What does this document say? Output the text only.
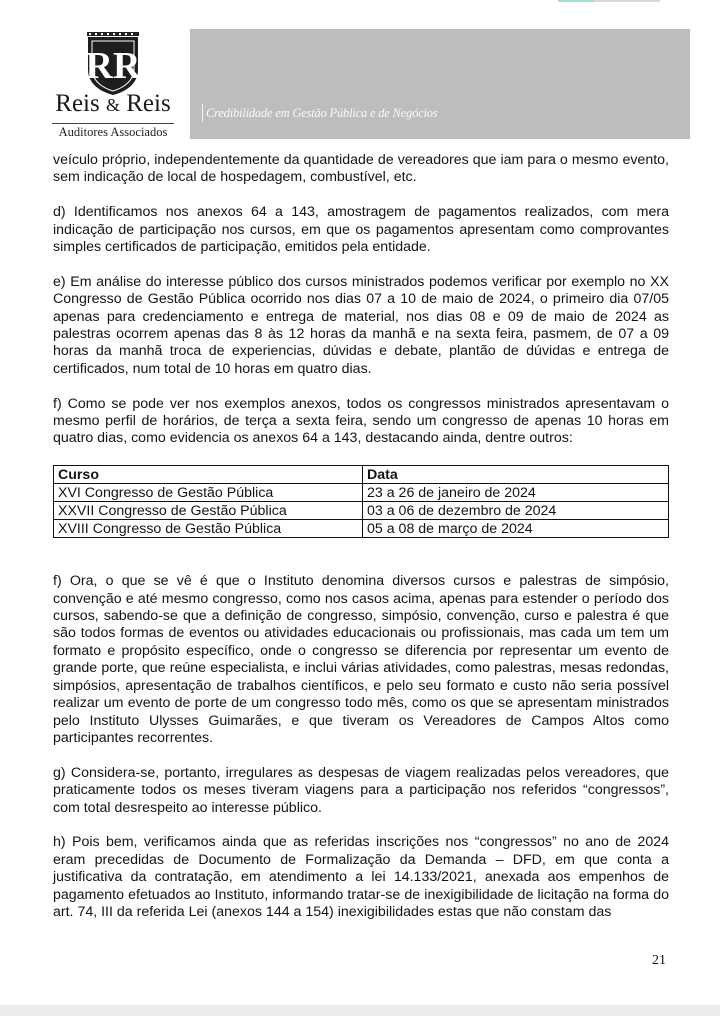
RR
Reis & Reis
Auditores Associados
Credibilidade em Gestão Pública e de Negócios

veículo próprio, independentemente da quantidade de vereadores que iam para o mesmo evento, sem indicação de local de hospedagem, combustível, etc.

d) Identificamos nos anexos 64 a 143, amostragem de pagamentos realizados, com mera indicação de participação nos cursos, em que os pagamentos apresentam como comprovantes simples certificados de participação, emitidos pela entidade.

e) Em análise do interesse público dos cursos ministrados podemos verificar por exemplo no XX Congresso de Gestão Pública ocorrido nos dias 07 a 10 de maio de 2024, o primeiro dia 07/05 apenas para credenciamento e entrega de material, nos dias 08 e 09 de maio de 2024 as palestras ocorrem apenas das 8 às 12 horas da manhã e na sexta feira, pasmem, de 07 a 09 horas da manhã troca de experiencias, dúvidas e debate, plantão de dúvidas e entrega de certificados, num total de 10 horas em quatro dias.

f) Como se pode ver nos exemplos anexos, todos os congressos ministrados apresentavam o mesmo perfil de horários, de terça a sexta feira, sendo um congresso de apenas 10 horas em quatro dias, como evidencia os anexos 64 a 143, destacando ainda, dentre outros:

Curso	Data
XVI Congresso de Gestão Pública	23 a 26 de janeiro de 2024
XXVII Congresso de Gestão Pública	03 a 06 de dezembro de 2024
XVIII Congresso de Gestão Pública	05 a 08 de março de 2024

f) Ora, o que se vê é que o Instituto denomina diversos cursos e palestras de simpósio, convenção e até mesmo congresso, como nos casos acima, apenas para estender o período dos cursos, sabendo-se que a definição de congresso, simpósio, convenção, curso e palestra é que são todos formas de eventos ou atividades educacionais ou profissionais, mas cada um tem um formato e propósito específico, onde o congresso se diferencia por representar um evento de grande porte, que reúne especialista, e inclui várias atividades, como palestras, mesas redondas, simpósios, apresentação de trabalhos científicos, e pelo seu formato e custo não seria possível realizar um evento de porte de um congresso todo mês, como os que se apresentam ministrados pelo Instituto Ulysses Guimarães, e que tiveram os Vereadores de Campos Altos como participantes recorrentes.

g) Considera-se, portanto, irregulares as despesas de viagem realizadas pelos vereadores, que praticamente todos os meses tiveram viagens para a participação nos referidos “congressos”, com total desrespeito ao interesse público.

h) Pois bem, verificamos ainda que as referidas inscrições nos “congressos” no ano de 2024 eram precedidas de Documento de Formalização da Demanda – DFD, em que conta a justificativa da contratação, em atendimento a lei 14.133/2021, anexada aos empenhos de pagamento efetuados ao Instituto, informando tratar-se de inexigibilidade de licitação na forma do art. 74, III da referida Lei (anexos 144 a 154) inexigibilidades estas que não constam das

21
